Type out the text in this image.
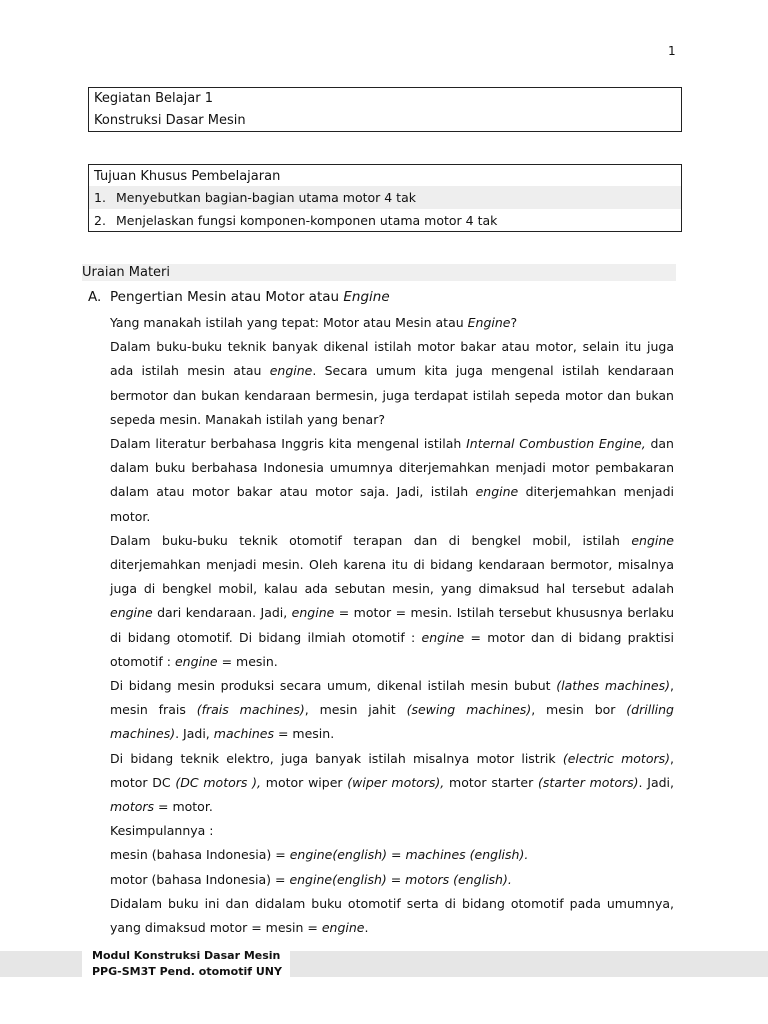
1
Kegiatan Belajar 1
Konstruksi Dasar Mesin
Tujuan Khusus Pembelajaran
1. Menyebutkan bagian-bagian utama motor 4 tak
2. Menjelaskan fungsi komponen-komponen utama motor 4 tak
Uraian Materi
A. Pengertian Mesin atau Motor atau Engine

Yang manakah istilah yang tepat: Motor atau Mesin atau Engine?

Dalam buku-buku teknik banyak dikenal istilah motor bakar atau motor, selain itu juga ada istilah mesin atau engine. Secara umum kita juga mengenal istilah kendaraan bermotor dan bukan kendaraan bermesin, juga terdapat istilah sepeda motor dan bukan sepeda mesin. Manakah istilah yang benar?

Dalam literatur berbahasa Inggris kita mengenal istilah Internal Combustion Engine, dan dalam buku berbahasa Indonesia umumnya diterjemahkan menjadi motor pembakaran dalam atau motor bakar atau motor saja. Jadi, istilah engine diterjemahkan menjadi motor.

Dalam buku-buku teknik otomotif terapan dan di bengkel mobil, istilah engine diterjemahkan menjadi mesin. Oleh karena itu di bidang kendaraan bermotor, misalnya juga di bengkel mobil, kalau ada sebutan mesin, yang dimaksud hal tersebut adalah engine dari kendaraan. Jadi, engine = motor = mesin. Istilah tersebut khususnya berlaku di bidang otomotif. Di bidang ilmiah otomotif : engine = motor dan di bidang praktisi otomotif : engine = mesin.

Di bidang mesin produksi secara umum, dikenal istilah mesin bubut (lathes machines), mesin frais (frais machines), mesin jahit (sewing machines), mesin bor (drilling machines). Jadi, machines = mesin.

Di bidang teknik elektro, juga banyak istilah misalnya motor listrik (electric motors), motor DC (DC motors ), motor wiper (wiper motors), motor starter (starter motors). Jadi, motors = motor.

Kesimpulannya :

mesin (bahasa Indonesia) = engine(english) = machines (english).

motor (bahasa Indonesia) = engine(english) = motors (english).

Didalam buku ini dan didalam buku otomotif serta di bidang otomotif pada umumnya, yang dimaksud motor = mesin = engine.

Modul Konstruksi Dasar Mesin
PPG-SM3T Pend. otomotif UNY
